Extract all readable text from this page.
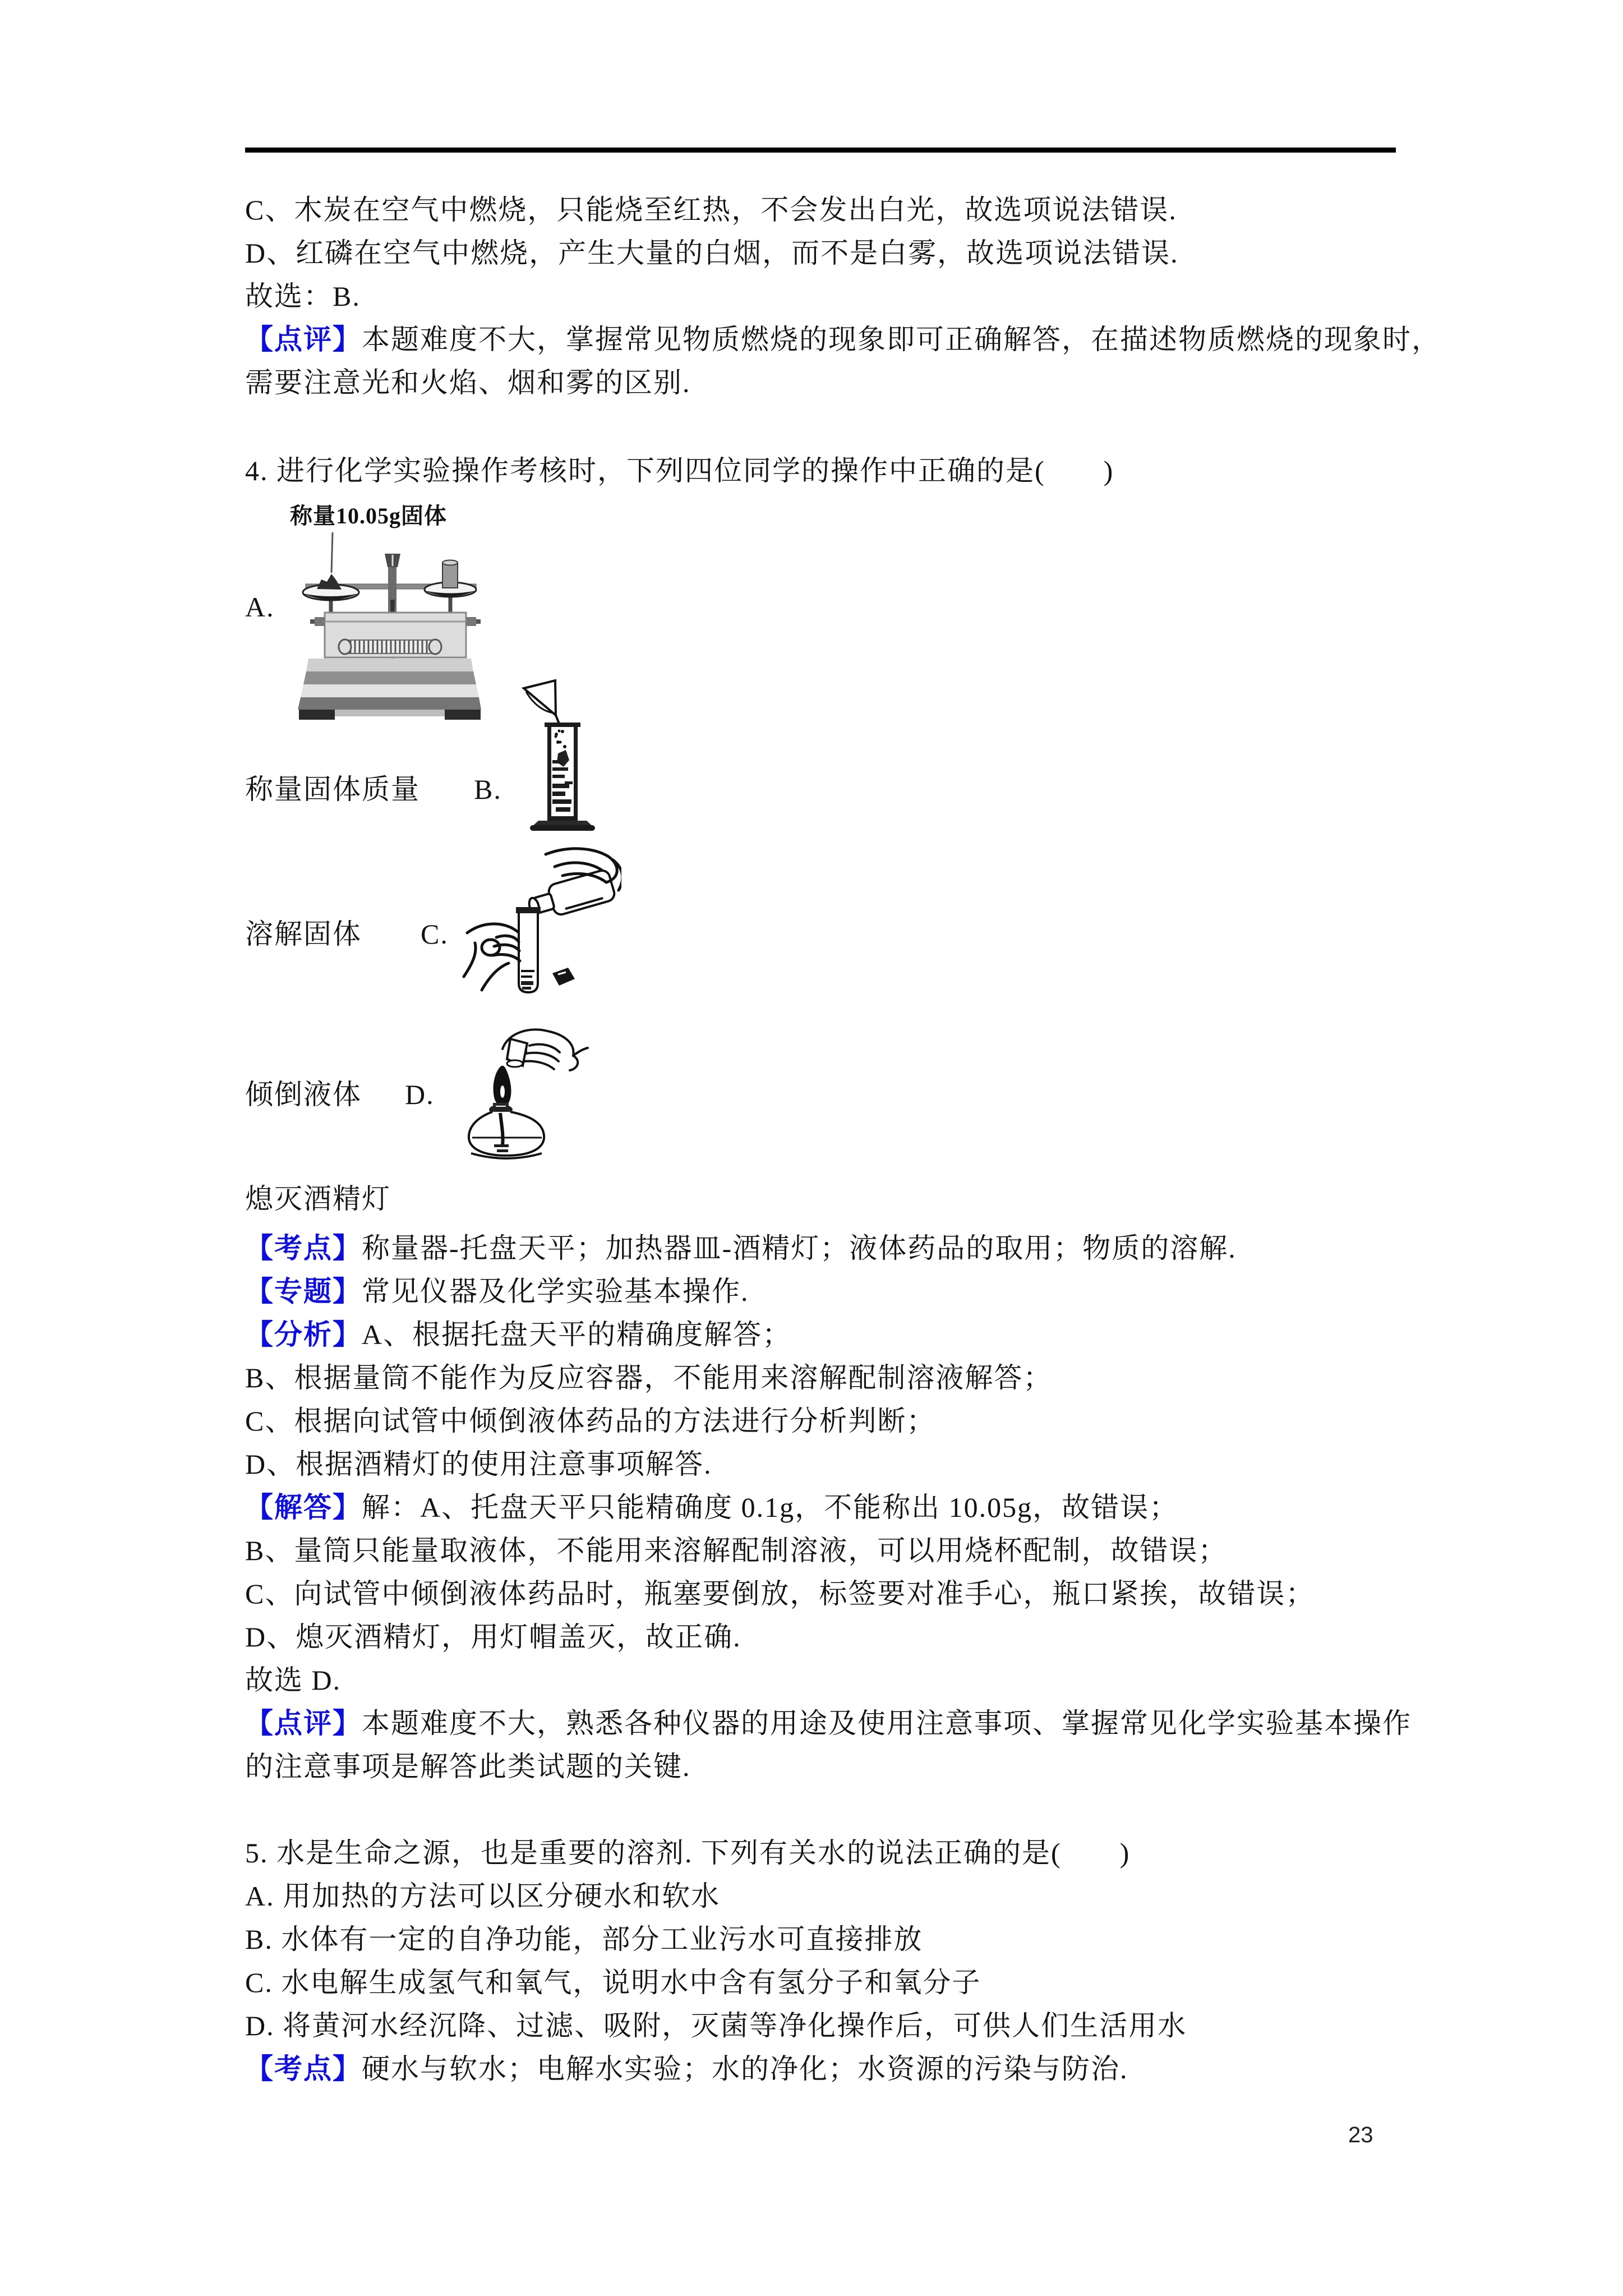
C、木炭在空气中燃烧，只能烧至红热，不会发出白光，故选项说法错误.
D、红磷在空气中燃烧，产生大量的白烟，而不是白雾，故选项说法错误.
故选：B.
【点评】本题难度不大，掌握常见物质燃烧的现象即可正确解答，在描述物质燃烧的现象时，
需要注意光和火焰、烟和雾的区别.
4. 进行化学实验操作考核时，下列四位同学的操作中正确的是(　　)
称量10.05g固体
A.
称量固体质量 B.
溶解固体 C.
倾倒液体 D.
熄灭酒精灯
【考点】称量器-托盘天平；加热器皿-酒精灯；液体药品的取用；物质的溶解.
【专题】常见仪器及化学实验基本操作.
【分析】A、根据托盘天平的精确度解答；
B、根据量筒不能作为反应容器，不能用来溶解配制溶液解答；
C、根据向试管中倾倒液体药品的方法进行分析判断；
D、根据酒精灯的使用注意事项解答.
【解答】解：A、托盘天平只能精确度 0.1g，不能称出 10.05g，故错误；
B、量筒只能量取液体，不能用来溶解配制溶液，可以用烧杯配制，故错误；
C、向试管中倾倒液体药品时，瓶塞要倒放，标签要对准手心，瓶口紧挨，故错误；
D、熄灭酒精灯，用灯帽盖灭，故正确.
故选 D.
【点评】本题难度不大，熟悉各种仪器的用途及使用注意事项、掌握常见化学实验基本操作
的注意事项是解答此类试题的关键.
5. 水是生命之源，也是重要的溶剂. 下列有关水的说法正确的是(　　)
A. 用加热的方法可以区分硬水和软水
B. 水体有一定的自净功能，部分工业污水可直接排放
C. 水电解生成氢气和氧气，说明水中含有氢分子和氧分子
D. 将黄河水经沉降、过滤、吸附，灭菌等净化操作后，可供人们生活用水
【考点】硬水与软水；电解水实验；水的净化；水资源的污染与防治.
23
